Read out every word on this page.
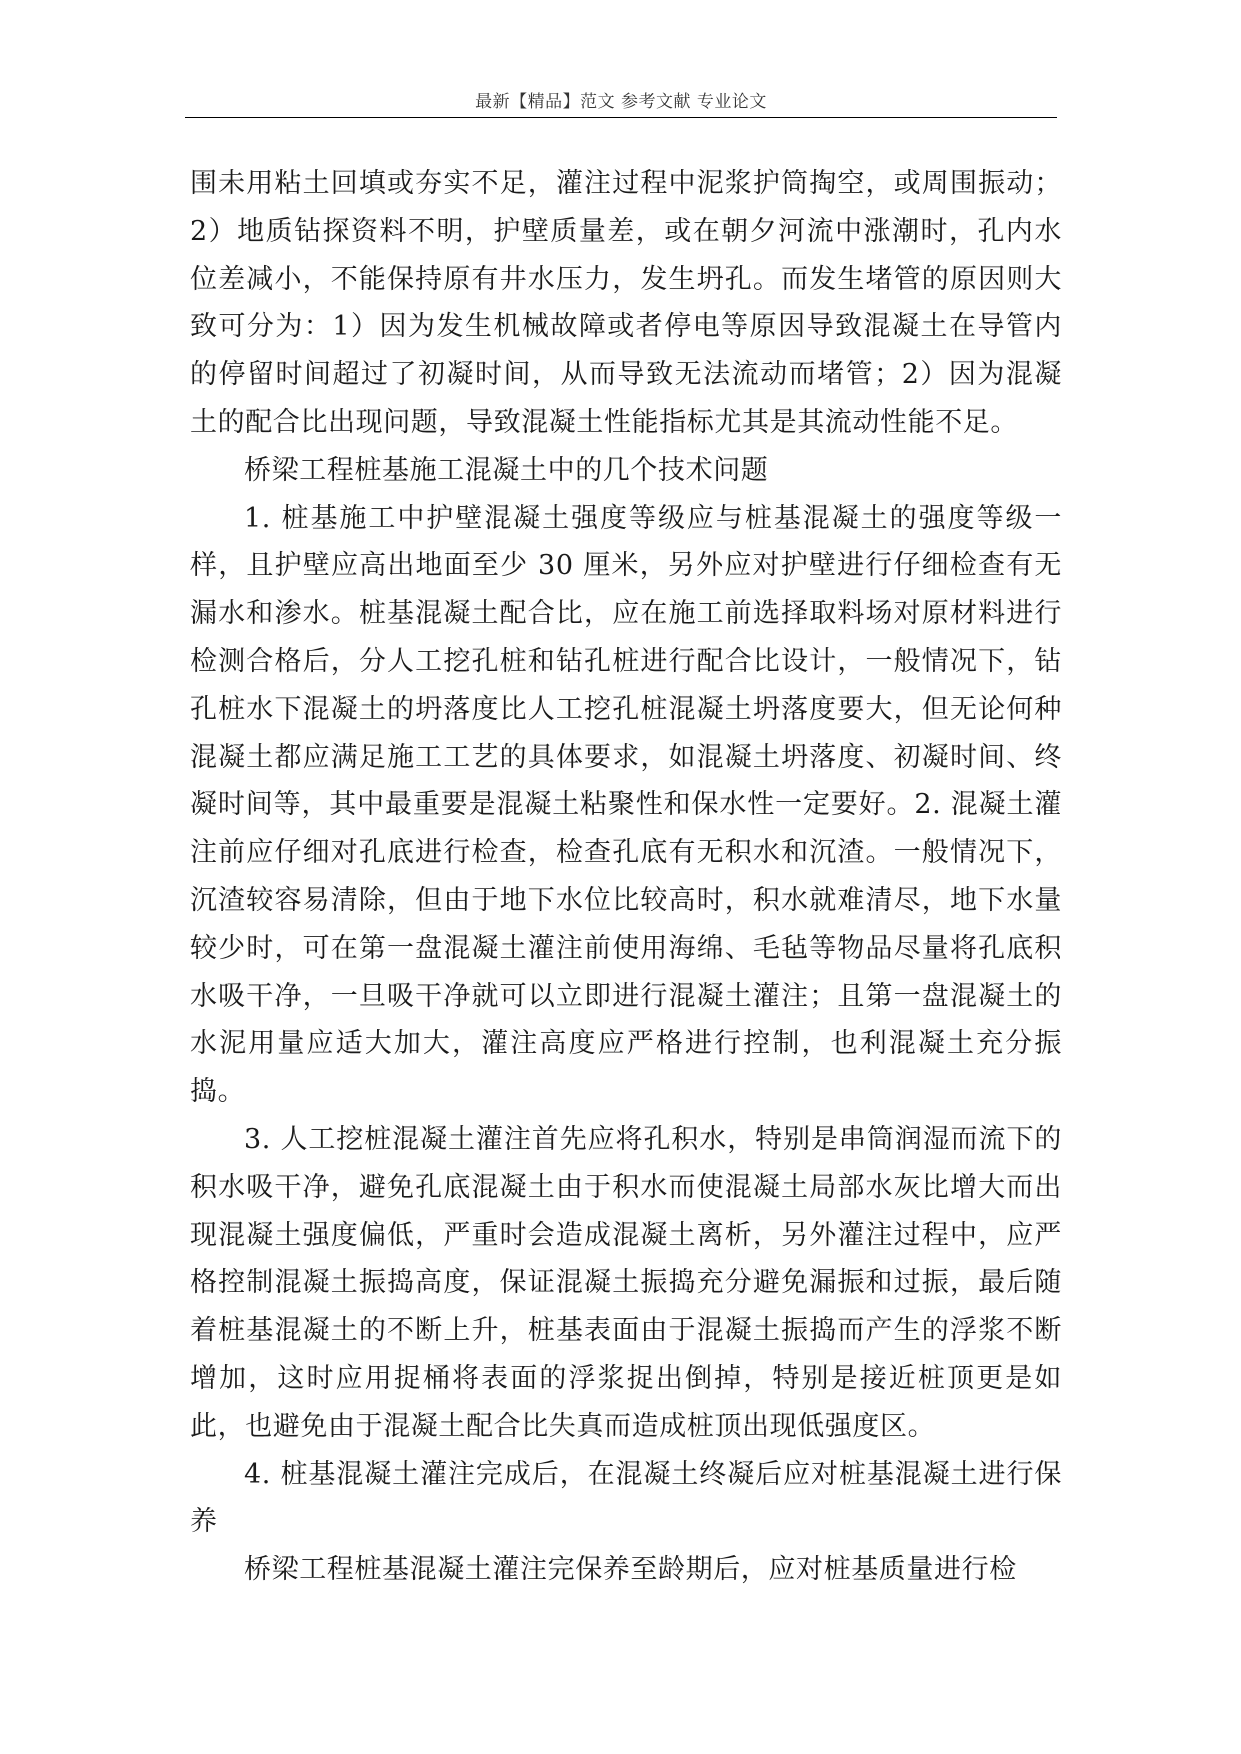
最新【精品】范文 参考文献 专业论文

围未用粘土回填或夯实不足，灌注过程中泥浆护筒掏空，或周围振动；2）地质钻探资料不明，护壁质量差，或在朝夕河流中涨潮时，孔内水位差减小，不能保持原有井水压力，发生坍孔。而发生堵管的原因则大致可分为：1）因为发生机械故障或者停电等原因导致混凝土在导管内的停留时间超过了初凝时间，从而导致无法流动而堵管；2）因为混凝土的配合比出现问题，导致混凝土性能指标尤其是其流动性能不足。

桥梁工程桩基施工混凝土中的几个技术问题

1. 桩基施工中护壁混凝土强度等级应与桩基混凝土的强度等级一样，且护壁应高出地面至少 30 厘米，另外应对护壁进行仔细检查有无漏水和渗水。桩基混凝土配合比，应在施工前选择取料场对原材料进行检测合格后，分人工挖孔桩和钻孔桩进行配合比设计，一般情况下，钻孔桩水下混凝土的坍落度比人工挖孔桩混凝土坍落度要大，但无论何种混凝土都应满足施工工艺的具体要求，如混凝土坍落度、初凝时间、终凝时间等，其中最重要是混凝土粘聚性和保水性一定要好。2. 混凝土灌注前应仔细对孔底进行检查，检查孔底有无积水和沉渣。一般情况下，沉渣较容易清除，但由于地下水位比较高时，积水就难清尽，地下水量较少时，可在第一盘混凝土灌注前使用海绵、毛毡等物品尽量将孔底积水吸干净，一旦吸干净就可以立即进行混凝土灌注；且第一盘混凝土的水泥用量应适大加大，灌注高度应严格进行控制，也利混凝土充分振捣。

3. 人工挖桩混凝土灌注首先应将孔积水，特别是串筒润湿而流下的积水吸干净，避免孔底混凝土由于积水而使混凝土局部水灰比增大而出现混凝土强度偏低，严重时会造成混凝土离析，另外灌注过程中，应严格控制混凝土振捣高度，保证混凝土振捣充分避免漏振和过振，最后随着桩基混凝土的不断上升，桩基表面由于混凝土振捣而产生的浮浆不断增加，这时应用捉桶将表面的浮浆捉出倒掉，特别是接近桩顶更是如此，也避免由于混凝土配合比失真而造成桩顶出现低强度区。

4. 桩基混凝土灌注完成后，在混凝土终凝后应对桩基混凝土进行保养

桥梁工程桩基混凝土灌注完保养至龄期后，应对桩基质量进行检
